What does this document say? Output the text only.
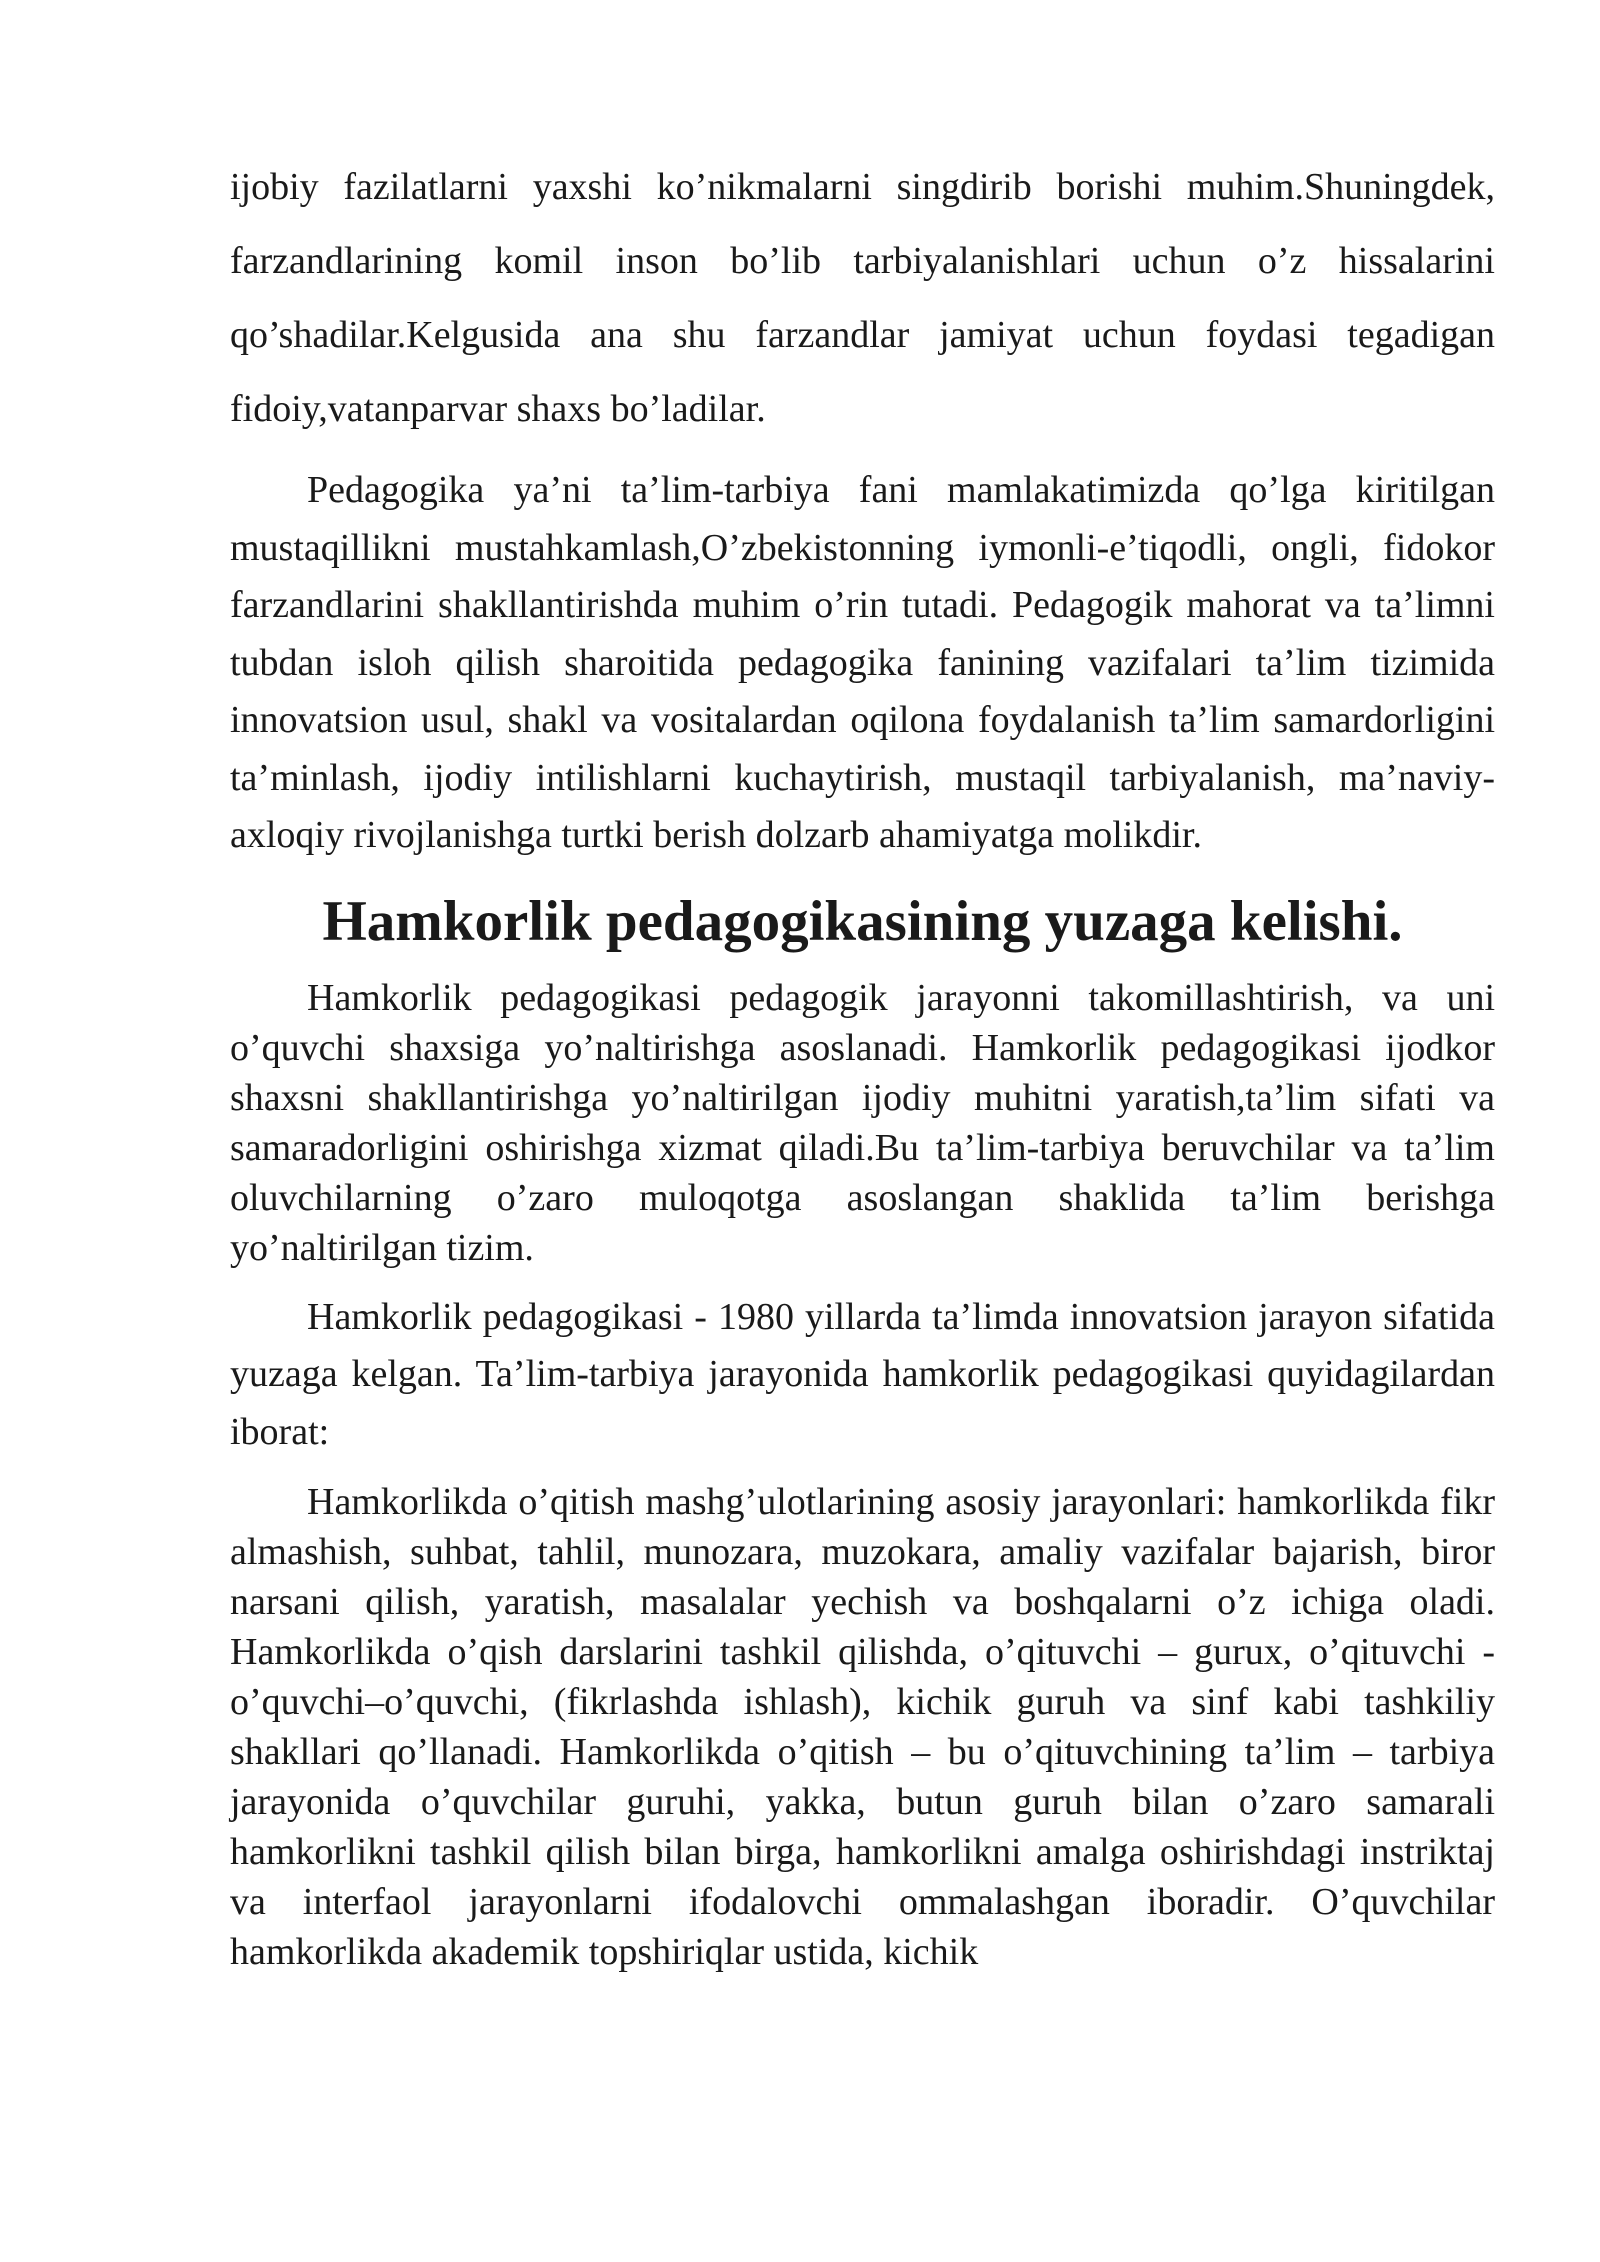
ijobiy fazilatlarni yaxshi ko’nikmalarni singdirib borishi muhim.Shuningdek, farzandlarining komil inson bo’lib tarbiyalanishlari uchun o’z hissalarini qo’shadilar.Kelgusida ana shu farzandlar jamiyat uchun foydasi tegadigan fidoiy,vatanparvar shaxs bo’ladilar.

Pedagogika ya’ni ta’lim-tarbiya fani mamlakatimizda qo’lga kiritilgan mustaqillikni mustahkamlash,O’zbekistonning iymonli-e’tiqodli, ongli, fidokor farzandlarini shakllantirishda muhim o’rin tutadi. Pedagogik mahorat va ta’limni tubdan isloh qilish sharoitida pedagogika fanining vazifalari ta’lim tizimida innovatsion usul, shakl va vositalardan oqilona foydalanish ta’lim samardorligini ta’minlash, ijodiy intilishlarni kuchaytirish, mustaqil tarbiyalanish, ma’naviy-axloqiy rivojlanishga turtki berish dolzarb ahamiyatga molikdir.

Hamkorlik pedagogikasining yuzaga kelishi.

Hamkorlik pedagogikasi pedagogik jarayonni takomillashtirish, va uni o’quvchi shaxsiga yo’naltirishga asoslanadi. Hamkorlik pedagogikasi ijodkor shaxsni shakllantirishga yo’naltirilgan ijodiy muhitni yaratish,ta’lim sifati va samaradorligini oshirishga xizmat qiladi.Bu ta’lim-tarbiya beruvchilar va ta’lim oluvchilarning o’zaro muloqotga asoslangan shaklida ta’lim berishga yo’naltirilgan tizim.

Hamkorlik pedagogikasi - 1980 yillarda ta’limda innovatsion jarayon sifatida yuzaga kelgan. Ta’lim-tarbiya jarayonida hamkorlik pedagogikasi quyidagilardan iborat:

Hamkorlikda o’qitish mashg’ulotlarining asosiy jarayonlari: hamkorlikda fikr almashish, suhbat, tahlil, munozara, muzokara, amaliy vazifalar bajarish, biror narsani qilish, yaratish, masalalar yechish va boshqalarni o’z ichiga oladi. Hamkorlikda o’qish darslarini tashkil qilishda, o’qituvchi – gurux, o’qituvchi -o’quvchi–o’quvchi, (fikrlashda ishlash), kichik guruh va sinf kabi tashkiliy shakllari qo’llanadi. Hamkorlikda o’qitish – bu o’qituvchining ta’lim – tarbiya jarayonida o’quvchilar guruhi, yakka, butun guruh bilan o’zaro samarali hamkorlikni tashkil qilish bilan birga, hamkorlikni amalga oshirishdagi instriktaj va interfaol jarayonlarni ifodalovchi ommalashgan iboradir. O’quvchilar hamkorlikda akademik topshiriqlar ustida, kichik
